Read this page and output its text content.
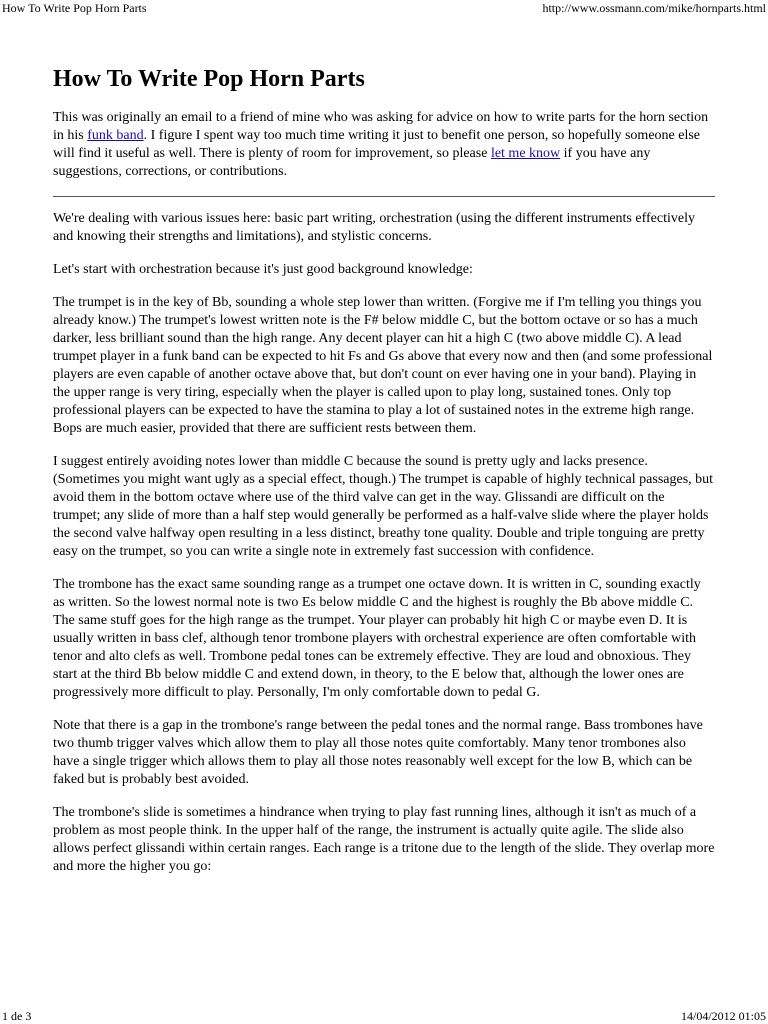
How To Write Pop Horn Parts	http://www.ossmann.com/mike/hornparts.html
How To Write Pop Horn Parts

This was originally an email to a friend of mine who was asking for advice on how to write parts for the horn section in his funk band. I figure I spent way too much time writing it just to benefit one person, so hopefully someone else will find it useful as well. There is plenty of room for improvement, so please let me know if you have any suggestions, corrections, or contributions.

We're dealing with various issues here: basic part writing, orchestration (using the different instruments effectively and knowing their strengths and limitations), and stylistic concerns.

Let's start with orchestration because it's just good background knowledge:

The trumpet is in the key of Bb, sounding a whole step lower than written. (Forgive me if I'm telling you things you already know.) The trumpet's lowest written note is the F# below middle C, but the bottom octave or so has a much darker, less brilliant sound than the high range. Any decent player can hit a high C (two above middle C). A lead trumpet player in a funk band can be expected to hit Fs and Gs above that every now and then (and some professional players are even capable of another octave above that, but don't count on ever having one in your band). Playing in the upper range is very tiring, especially when the player is called upon to play long, sustained tones. Only top professional players can be expected to have the stamina to play a lot of sustained notes in the extreme high range. Bops are much easier, provided that there are sufficient rests between them.

I suggest entirely avoiding notes lower than middle C because the sound is pretty ugly and lacks presence. (Sometimes you might want ugly as a special effect, though.) The trumpet is capable of highly technical passages, but avoid them in the bottom octave where use of the third valve can get in the way. Glissandi are difficult on the trumpet; any slide of more than a half step would generally be performed as a half-valve slide where the player holds the second valve halfway open resulting in a less distinct, breathy tone quality. Double and triple tonguing are pretty easy on the trumpet, so you can write a single note in extremely fast succession with confidence.

The trombone has the exact same sounding range as a trumpet one octave down. It is written in C, sounding exactly as written. So the lowest normal note is two Es below middle C and the highest is roughly the Bb above middle C. The same stuff goes for the high range as the trumpet. Your player can probably hit high C or maybe even D. It is usually written in bass clef, although tenor trombone players with orchestral experience are often comfortable with tenor and alto clefs as well. Trombone pedal tones can be extremely effective. They are loud and obnoxious. They start at the third Bb below middle C and extend down, in theory, to the E below that, although the lower ones are progressively more difficult to play. Personally, I'm only comfortable down to pedal G.

Note that there is a gap in the trombone's range between the pedal tones and the normal range. Bass trombones have two thumb trigger valves which allow them to play all those notes quite comfortably. Many tenor trombones also have a single trigger which allows them to play all those notes reasonably well except for the low B, which can be faked but is probably best avoided.

The trombone's slide is sometimes a hindrance when trying to play fast running lines, although it isn't as much of a problem as most people think. In the upper half of the range, the instrument is actually quite agile. The slide also allows perfect glissandi within certain ranges. Each range is a tritone due to the length of the slide. They overlap more and more the higher you go:

1 de 3	14/04/2012 01:05
